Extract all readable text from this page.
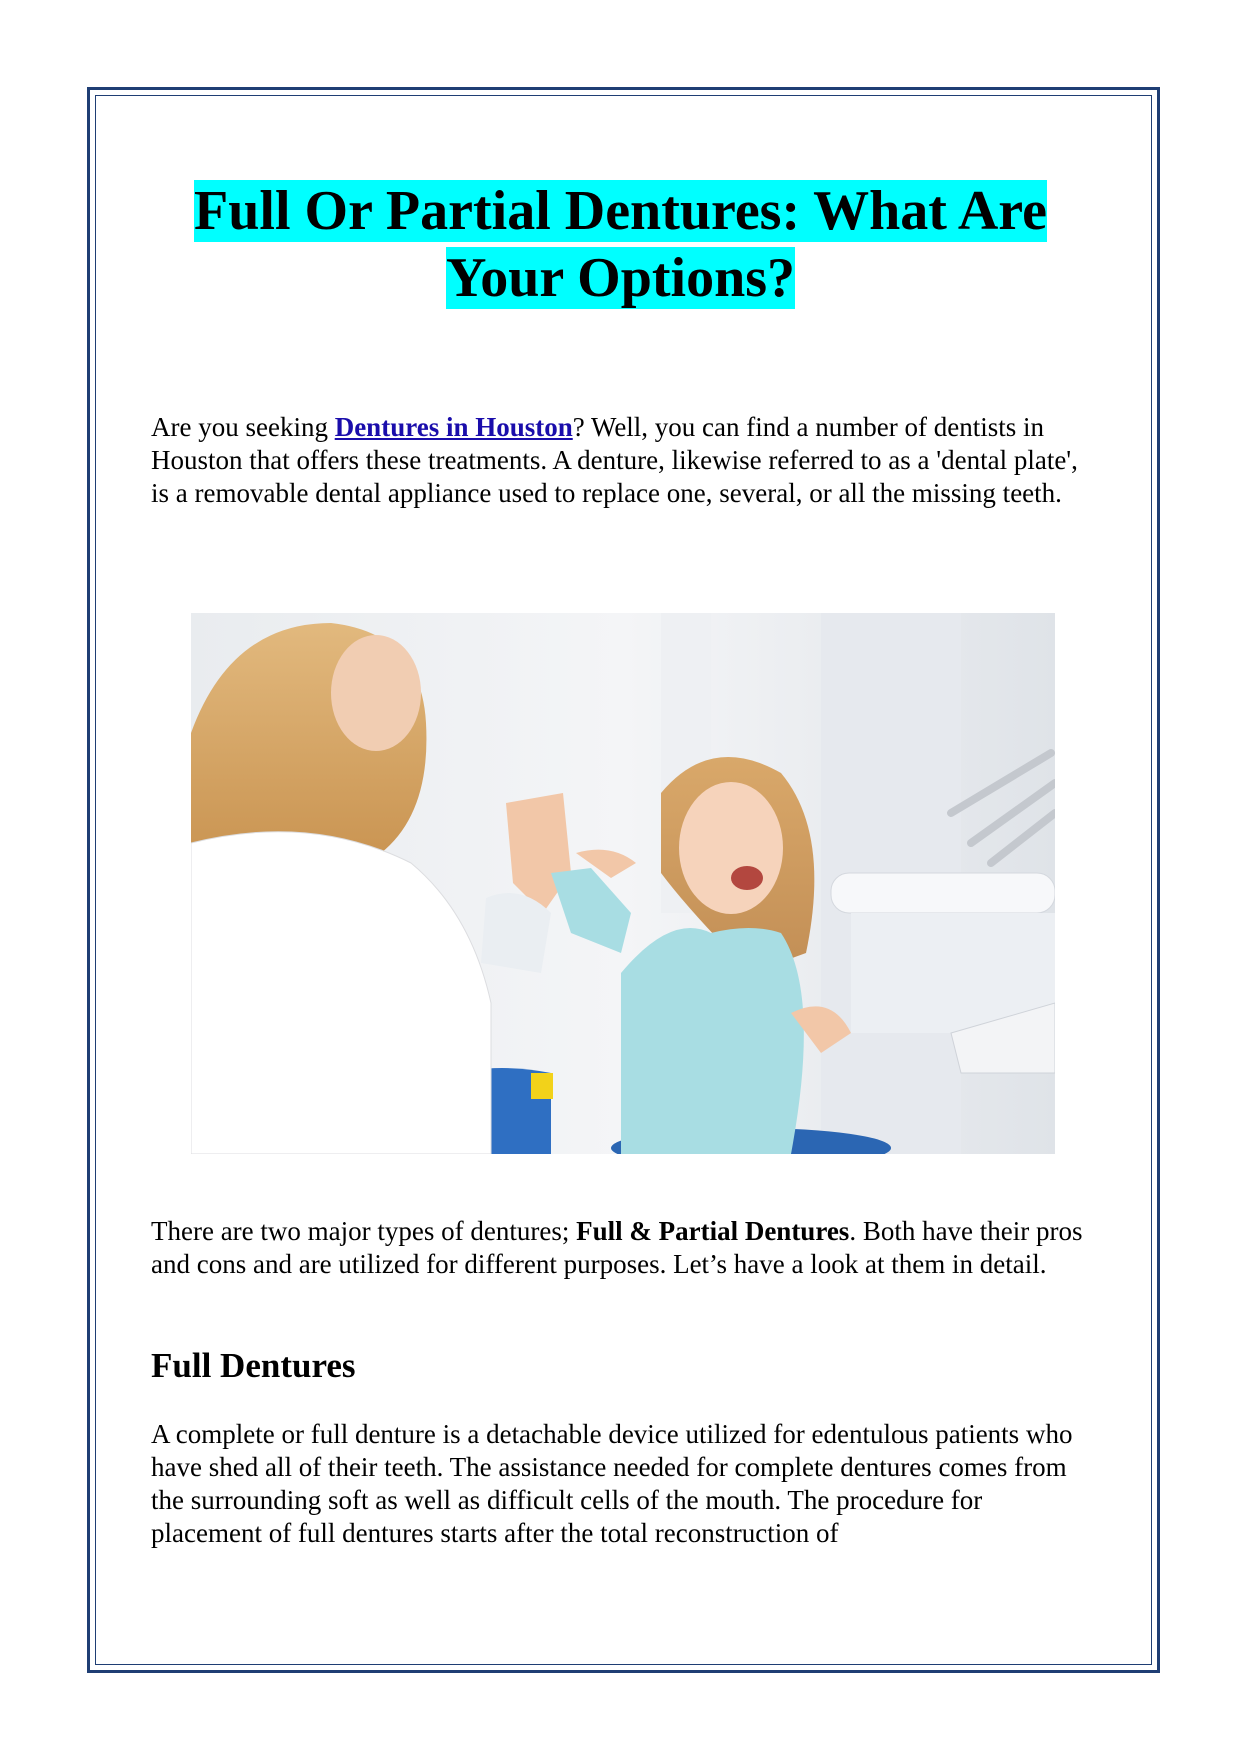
Full Or Partial Dentures: What Are
Your Options?

Are you seeking Dentures in Houston? Well, you can find a number of dentists in Houston that offers these treatments. A denture, likewise referred to as a 'dental plate', is a removable dental appliance used to replace one, several, or all the missing teeth.

There are two major types of dentures; Full & Partial Dentures. Both have their pros and cons and are utilized for different purposes. Let’s have a look at them in detail.

Full Dentures

A complete or full denture is a detachable device utilized for edentulous patients who have shed all of their teeth. The assistance needed for complete dentures comes from the surrounding soft as well as difficult cells of the mouth. The procedure for placement of full dentures starts after the total reconstruction of
